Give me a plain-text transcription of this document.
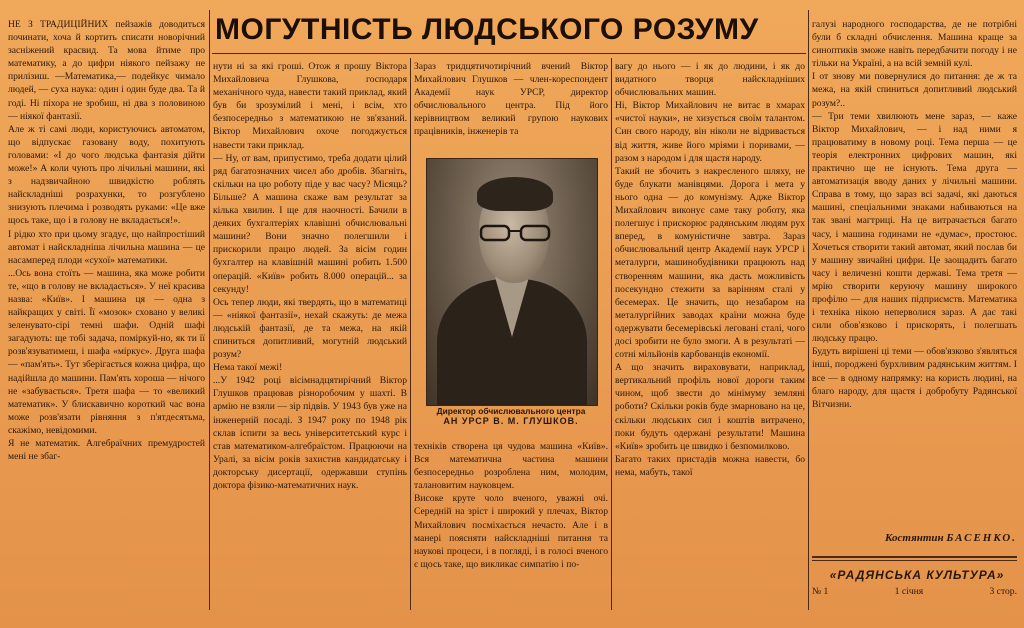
МОГУТНІСТЬ ЛЮДСЬКОГО РОЗУМУ
НЕ З ТРАДИЦІЙНИХ пейзажів доводиться починати, хоча й кортить списати новорічний засніжений красвид. Та мова йтиме про математику, а до цифри ніякого пейзажу не прилізиш. —Математика,— подейкує чимало людей, — суха наука: один і один буде два. Та й годі. Ні піхора не зробиш, ні два з половиною — ніякої фантазії.
Але ж ті самі люди, користуючись автоматом, що відпускає газовану воду, похитують головами: «І до чого людська фантазія дійти може!» А коли чують про лічильні машини, які з надзвичайною швидкістю роблять найскладніші розрахунки, то розгублено знизують плечима і розводять руками: «Це вже щось таке, що і в голову не вкладається!».
І рідко хто при цьому згадує, що найпростіший автомат і найскладніша лічильна машина — це насамперед плоди «сухої» математики.
...Ось вона стоїть — машина, яка може робити те, «що в голову не вкладається». У неї красива назва: «Київ». І машина ця — одна з найкращих у світі. Її «мозок» сховано у великі зеленувато-сірі темні шафи. Одній шафі загадують: ще тобі задача, поміркуй-но, як ти її розв'язуватимеш, і шафа «міркує». Друга шафа — «пам'ять». Тут зберігається кожна цифра, що надійшла до машини. Пам'ять хороша — нічого не «забувається». Третя шафа — то «великий математик». У блискавично короткий час вона може розв'язати рівняння з п'ятдесятьма, скажімо, невідомими.
Я не математик. Алгебраїчних премудростей мені не збаг-
нути ні за які гроші. Отож я прошу Віктора Михайловича Глушкова, господаря механічного чуда, навести такий приклад, який був би зрозумілий і мені, і всім, хто безпосередньо з математикою не зв'язаний. Віктор Михайлович охоче погоджується навести таки приклад.
— Ну, от вам, припустимо, треба додати цілий ряд багатозначних чисел або дробів. Збагніть, скільки на цю роботу піде у вас часу? Місяць? Більше? А машина скаже вам результат за кілька хвилин. І ще для наочності. Бачили в деяких бухгалтеріях клавішні обчислювальні машини? Вони значно полегшили і прискорили працю людей. За вісім годин бухгалтер на клавішній машині робить 1.500 операцій. «Київ» робить 8.000 операцій... за секунду!
Ось тепер люди, які твердять, що в математиці — «ніякої фантазії», нехай скажуть: де межа людській фантазії, де та межа, на якій спиниться допитливий, могутній людський розум?
Нема такої межі!
...У 1942 році вісімнадцятирічний Віктор Глушков працював різноробочим у шахті. В армію не взяли — зір підвів. У 1943 був уже на інженерній посаді. З 1947 року по 1948 рік склав іспити за весь університетський курс і став математиком-алгебраїстом. Працюючи на Уралі, за вісім років захистив кандидатську і докторську дисертації, одержавши ступінь доктора фізико-математичних наук.
Зараз тридцятичотирічний вчений Віктор Михайлович Глушков — член-кореспондент Академії наук УРСР, директор обчислювального центра. Під його керівництвом великий групою наукових працівників, інженерів та
Директор обчислювального центра
АН УРСР В. М. ГЛУШКОВ.
техніків створена ця чудова машина «Київ». Вся математична частина машини безпосередньо розроблена ним, молодим, талановитим науковцем.
Високе круте чоло вченого, уважні очі. Середній на зріст і широкий у плечах, Віктор Михайлович посміхається нечасто. Але і в манері поясняти найскладніші питання та наукові процеси, і в погляді, і в голосі вченого є щось таке, що викликає симпатію і по-
вагу до нього — і як до людини, і як до видатного творця найскладніших обчислювальних машин.
Ні, Віктор Михайлович не витає в хмарах «чистої науки», не хизується своїм талантом. Син свого народу, він ніколи не відривається від життя, живе його мріями і поривами, — разом з народом і для щастя народу.
Такий не збочить з накресленого шляху, не буде блукати манівцями. Дорога і мета у нього одна — до комунізму. Адже Віктор Михайлович виконує саме таку роботу, яка полегшує і прискорює радянським людям рух вперед, в комуністичне завтра. Зараз обчислювальний центр Академії наук УРСР і металурги, машинобудівники працюють над створенням машини, яка дасть можливість посекундно стежити за варінням сталі у бесемерах. Це значить, що незабаром на металургійних заводах країни можна буде одержувати бесемерівські леговані сталі, чого досі зробити не було змоги. А в результаті — сотні мільйонів карбованців економії.
А що значить вираховувати, наприклад, вертикальний профіль нової дороги таким чином, щоб звести до мінімуму земляні роботи? Скільки років буде змарновано на це, скільки людських сил і коштів витрачено, поки будуть одержані результати! Машина «Київ» зробить це швидко і безпомилково.
Багато таких пристадів можна навести, бо нема, мабуть, такої
галузі народного господарства, де не потрібні були б складні обчислення. Машина краще за синоптиків зможе навіть передбачити погоду і не тільки на Україні, а на всій земній кулі.
І от знову ми повернулися до питання: де ж та межа, на якій спиниться допитливий людський розум?..
— Три теми хвилюють мене зараз, — каже Віктор Михайлович, — і над ними я працюватиму в новому році. Тема перша — це теорія електронних цифрових машин, які практично ще не існують. Тема друга — автоматизація вводу даних у лічильні машини. Справа в тому, що зараз всі задачі, які даються машині, спеціальними знаками набиваються на так звані магтриці. На це витрачається багато часу, і машина годинами не «думає», простоює. Хочеться створити такий автомат, який послав би у машину звичайні цифри. Це заощадить багато часу і величезні кошти державі. Тема третя — мрію створити керуючу машину широкого профілю — для наших підприємств. Математика і техніка нікою неперволися зараз. А дає такі сили обов'язково і прискорять, і полегшать людську працю.
Будуть вирішені ці теми — обов'язково з'являться інші, породжені бурхливим радянським життям. І все — в одному напрямку: на користь людині, на благо народу, для щастя і добробуту Радянської Вітчизни.
Костянтин БАСЕНКО.
«РАДЯНСЬКА КУЛЬТУРА»
№ 1	1 січня	3 стор.
